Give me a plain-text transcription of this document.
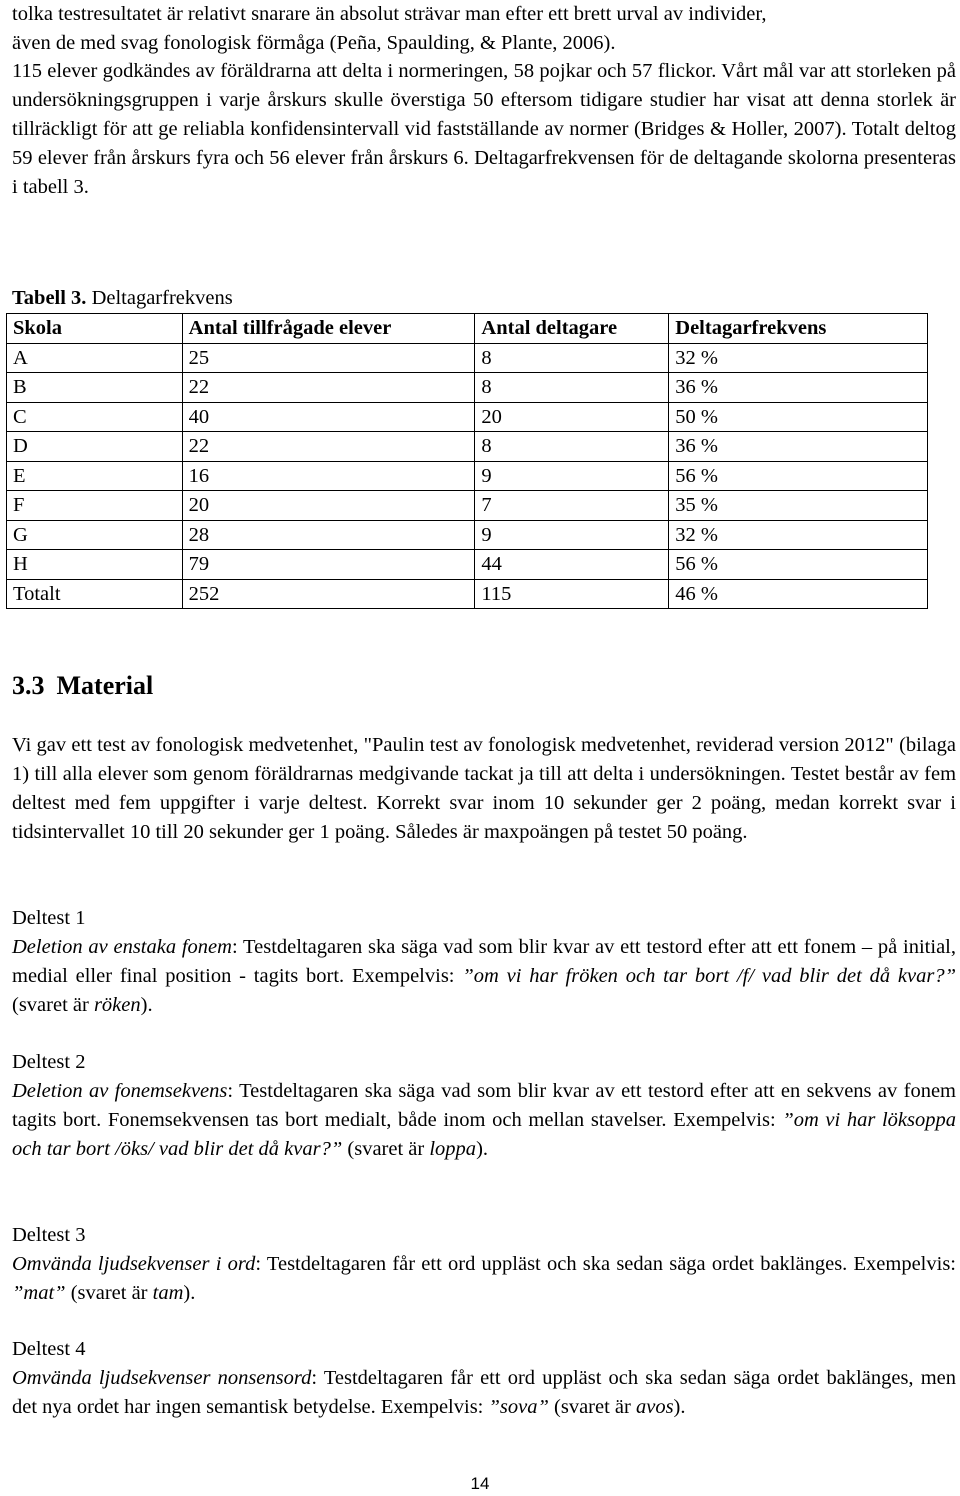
tolka testresultatet är relativt snarare än absolut strävar man efter ett brett urval av individer,
även de med svag fonologisk förmåga (Peña, Spaulding, & Plante, 2006).

115 elever godkändes av föräldrarna att delta i normeringen, 58 pojkar och 57 flickor. Vårt mål var att storleken på undersökningsgruppen i varje årskurs skulle överstiga 50 eftersom tidigare studier har visat att denna storlek är tillräckligt för att ge reliabla konfidensintervall vid fastställande av normer (Bridges & Holler, 2007). Totalt deltog 59 elever från årskurs fyra och 56 elever från årskurs 6. Deltagarfrekvensen för de deltagande skolorna presenteras i tabell 3.

Tabell 3. Deltagarfrekvens

Skola	Antal tillfrågade elever	Antal deltagare	Deltagarfrekvens
A	25	8	32 %
B	22	8	36 %
C	40	20	50 %
D	22	8	36 %
E	16	9	56 %
F	20	7	35 %
G	28	9	32 %
H	79	44	56 %
Totalt	252	115	46 %
3.3 Material

Vi gav ett test av fonologisk medvetenhet, "Paulin test av fonologisk medvetenhet, reviderad version 2012" (bilaga 1) till alla elever som genom föräldrarnas medgivande tackat ja till att delta i undersökningen. Testet består av fem deltest med fem uppgifter i varje deltest. Korrekt svar inom 10 sekunder ger 2 poäng, medan korrekt svar i tidsintervallet 10 till 20 sekunder ger 1 poäng. Således är maxpoängen på testet 50 poäng.

Deltest 1

Deletion av enstaka fonem: Testdeltagaren ska säga vad som blir kvar av ett testord efter att ett fonem – på initial, medial eller final position - tagits bort. Exempelvis: ”om vi har fröken och tar bort /f/ vad blir det då kvar?” (svaret är röken).

Deltest 2

Deletion av fonemsekvens: Testdeltagaren ska säga vad som blir kvar av ett testord efter att en sekvens av fonem tagits bort. Fonemsekvensen tas bort medialt, både inom och mellan stavelser. Exempelvis: ”om vi har löksoppa och tar bort /öks/ vad blir det då kvar?” (svaret är loppa).

Deltest 3

Omvända ljudsekvenser i ord: Testdeltagaren får ett ord uppläst och ska sedan säga ordet baklänges. Exempelvis: ”mat” (svaret är tam).

Deltest 4

Omvända ljudsekvenser nonsensord: Testdeltagaren får ett ord uppläst och ska sedan säga ordet baklänges, men det nya ordet har ingen semantisk betydelse. Exempelvis: ”sova” (svaret är avos).

14
